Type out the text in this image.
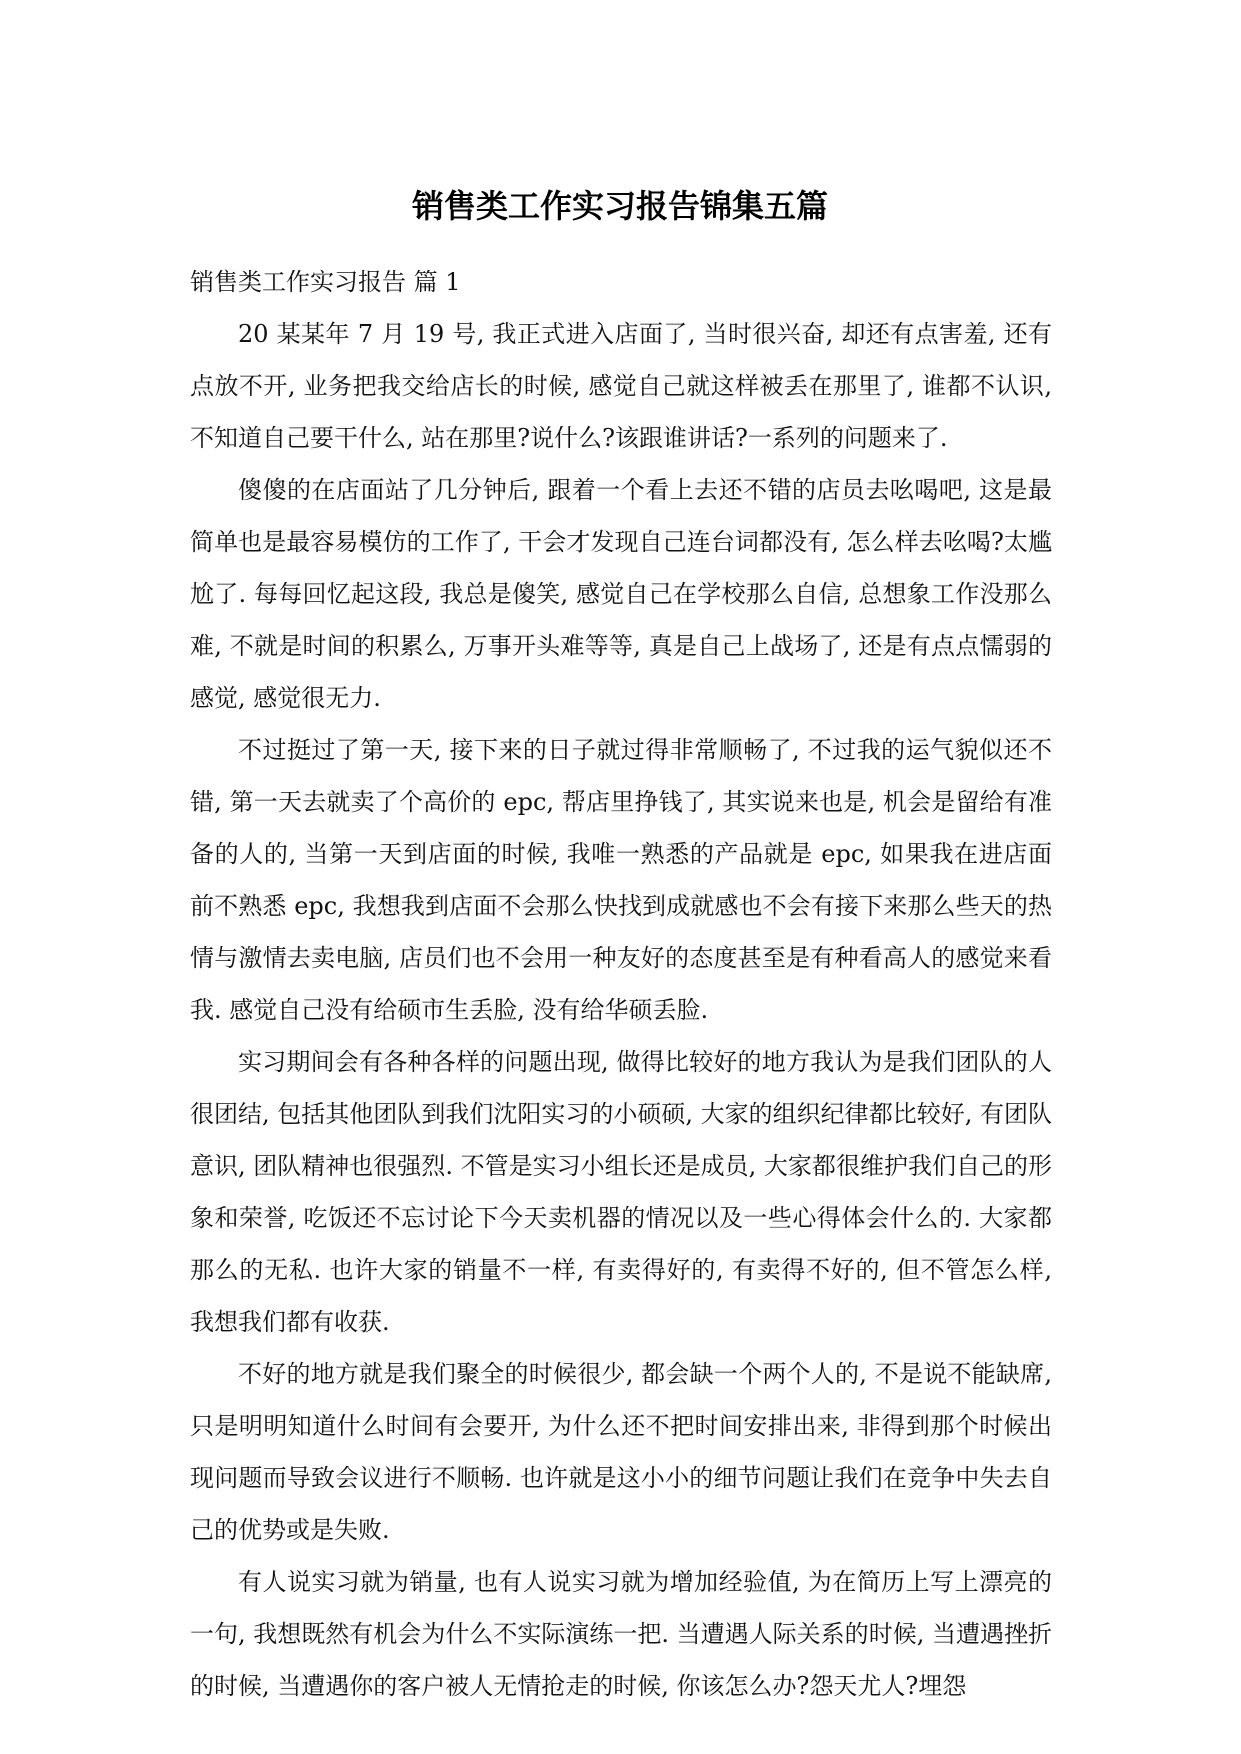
销售类工作实习报告锦集五篇
销售类工作实习报告 篇 1

20 某某年 7 月 19 号, 我正式进入店面了, 当时很兴奋, 却还有点害羞, 还有点放不开, 业务把我交给店长的时候, 感觉自己就这样被丢在那里了, 谁都不认识, 不知道自己要干什么, 站在那里?说什么?该跟谁讲话?一系列的问题来了.

傻傻的在店面站了几分钟后, 跟着一个看上去还不错的店员去吆喝吧, 这是最简单也是最容易模仿的工作了, 干会才发现自己连台词都没有, 怎么样去吆喝?太尴尬了. 每每回忆起这段, 我总是傻笑, 感觉自己在学校那么自信, 总想象工作没那么难, 不就是时间的积累么, 万事开头难等等, 真是自己上战场了, 还是有点点懦弱的感觉, 感觉很无力.

不过挺过了第一天, 接下来的日子就过得非常顺畅了, 不过我的运气貌似还不错, 第一天去就卖了个高价的 epc, 帮店里挣钱了, 其实说来也是, 机会是留给有准备的人的, 当第一天到店面的时候, 我唯一熟悉的产品就是 epc, 如果我在进店面前不熟悉 epc, 我想我到店面不会那么快找到成就感也不会有接下来那么些天的热情与激情去卖电脑, 店员们也不会用一种友好的态度甚至是有种看高人的感觉来看我. 感觉自己没有给硕市生丢脸, 没有给华硕丢脸.

实习期间会有各种各样的问题出现, 做得比较好的地方我认为是我们团队的人很团结, 包括其他团队到我们沈阳实习的小硕硕, 大家的组织纪律都比较好, 有团队意识, 团队精神也很强烈. 不管是实习小组长还是成员, 大家都很维护我们自己的形象和荣誉, 吃饭还不忘讨论下今天卖机器的情况以及一些心得体会什么的. 大家都那么的无私. 也许大家的销量不一样, 有卖得好的, 有卖得不好的, 但不管怎么样, 我想我们都有收获.

不好的地方就是我们聚全的时候很少, 都会缺一个两个人的, 不是说不能缺席, 只是明明知道什么时间有会要开, 为什么还不把时间安排出来, 非得到那个时候出现问题而导致会议进行不顺畅. 也许就是这小小的细节问题让我们在竞争中失去自己的优势或是失败.

有人说实习就为销量, 也有人说实习就为增加经验值, 为在简历上写上漂亮的一句, 我想既然有机会为什么不实际演练一把. 当遭遇人际关系的时候, 当遭遇挫折的时候, 当遭遇你的客户被人无情抢走的时候, 你该怎么办?怨天尤人?埋怨
